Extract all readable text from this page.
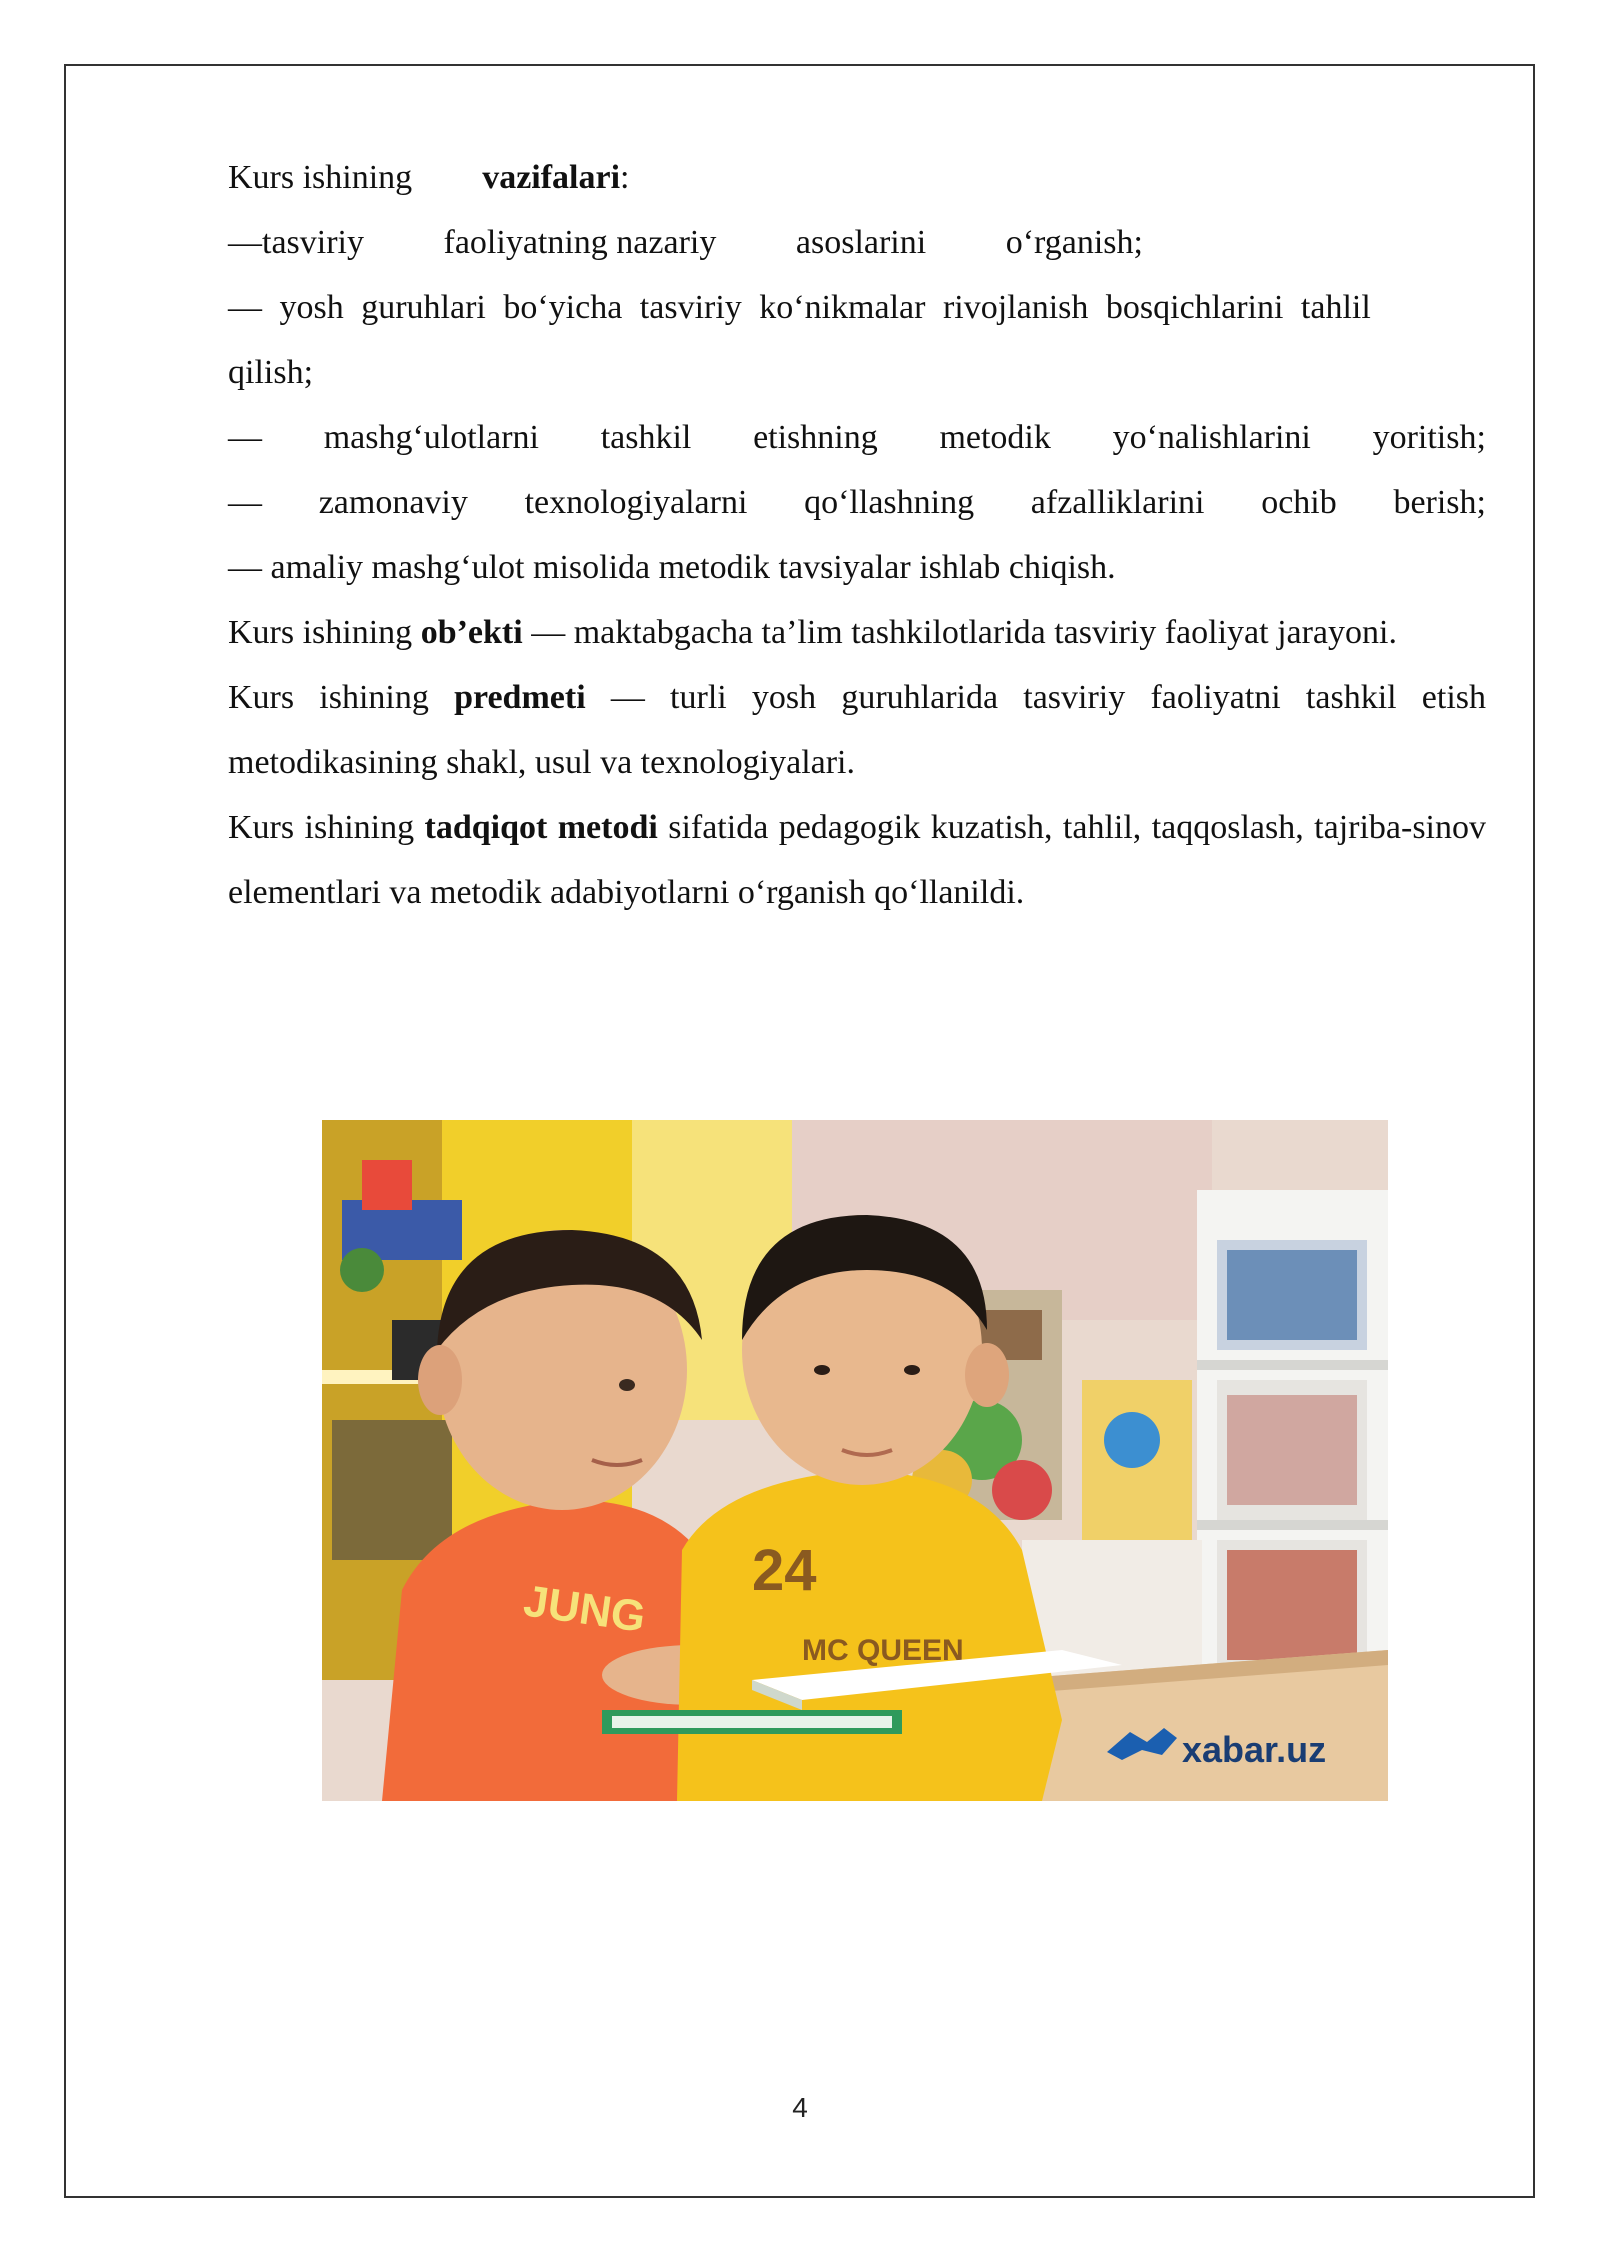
Kurs ishining vazifalari:
—tasviriy faoliyatning nazariy asoslarini o‘rganish;
— yosh guruhlari bo‘yicha tasviriy ko‘nikmalar rivojlanish bosqichlarini tahlil
qilish;
— mashg‘ulotlarni tashkil etishning metodik yo‘nalishlarini yoritish;
— zamonaviy texnologiyalarni qo‘llashning afzalliklarini ochib berish;
— amaliy mashg‘ulot misolida metodik tavsiyalar ishlab chiqish.
Kurs ishining ob’ekti — maktabgacha ta’lim tashkilotlarida tasviriy faoliyat jarayoni.
Kurs ishining predmeti — turli yosh guruhlarida tasviriy faoliyatni tashkil etish metodikasining shakl, usul va texnologiyalari.
Kurs ishining tadqiqot metodi sifatida pedagogik kuzatish, tahlil, taqqoslash, tajriba-sinov elementlari va metodik adabiyotlarni o‘rganish qo‘llanildi.
JUNG
24
MC QUEEN
xabar.uz
4
